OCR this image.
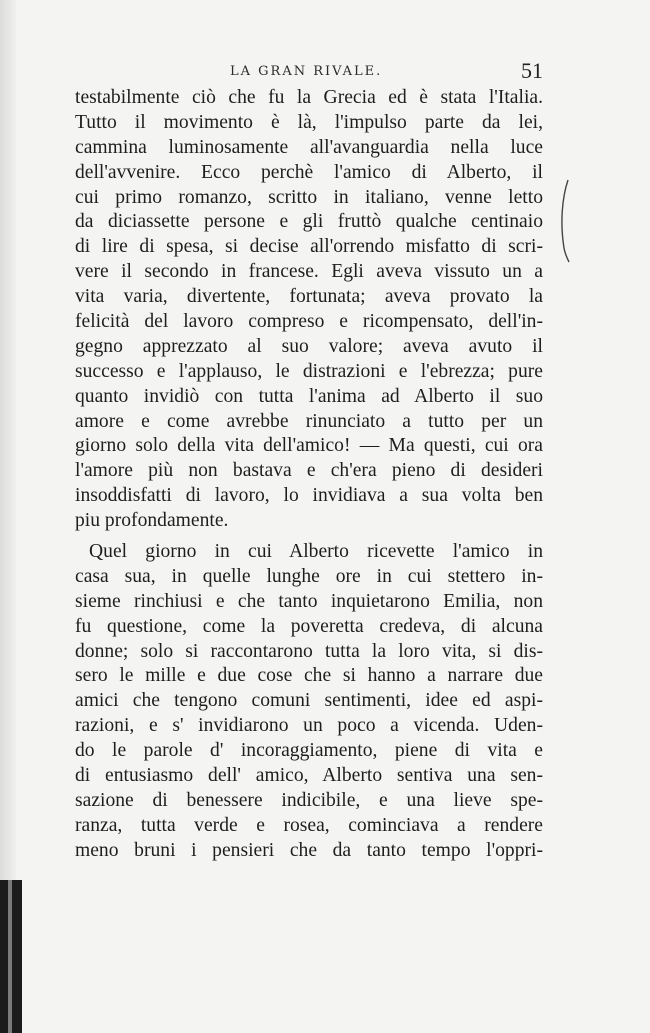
LA GRAN RIVALE.	51
testabilmente ciò che fu la Grecia ed è stata l'Italia.
Tutto il movimento è là, l'impulso parte da lei,
cammina luminosamente all'avanguardia nella luce
dell'avvenire. Ecco perchè l'amico di Alberto, il
cui primo romanzo, scritto in italiano, venne letto
da diciassette persone e gli fruttò qualche centinaio
di lire di spesa, si decise all'orrendo misfatto di scri-
vere il secondo in francese. Egli aveva vissuto un a
vita varia, divertente, fortunata; aveva provato la
felicità del lavoro compreso e ricompensato, dell'in-
gegno apprezzato al suo valore; aveva avuto il
successo e l'applauso, le distrazioni e l'ebrezza; pure
quanto invidiò con tutta l'anima ad Alberto il suo
amore e come avrebbe rinunciato a tutto per un
giorno solo della vita dell'amico! — Ma questi, cui ora
l'amore più non bastava e ch'era pieno di desideri
insoddisfatti di lavoro, lo invidiava a sua volta ben
piu profondamente.
Quel giorno in cui Alberto ricevette l'amico in
casa sua, in quelle lunghe ore in cui stettero in-
sieme rinchiusi e che tanto inquietarono Emilia, non
fu questione, come la poveretta credeva, di alcuna
donne; solo si raccontarono tutta la loro vita, si dis-
sero le mille e due cose che si hanno a narrare due
amici che tengono comuni sentimenti, idee ed aspi-
razioni, e s' invidiarono un poco a vicenda. Uden-
do le parole d' incoraggiamento, piene di vita e
di entusiasmo dell' amico, Alberto sentiva una sen-
sazione di benessere indicibile, e una lieve spe-
ranza, tutta verde e rosea, cominciava a rendere
meno bruni i pensieri che da tanto tempo l'oppri-
